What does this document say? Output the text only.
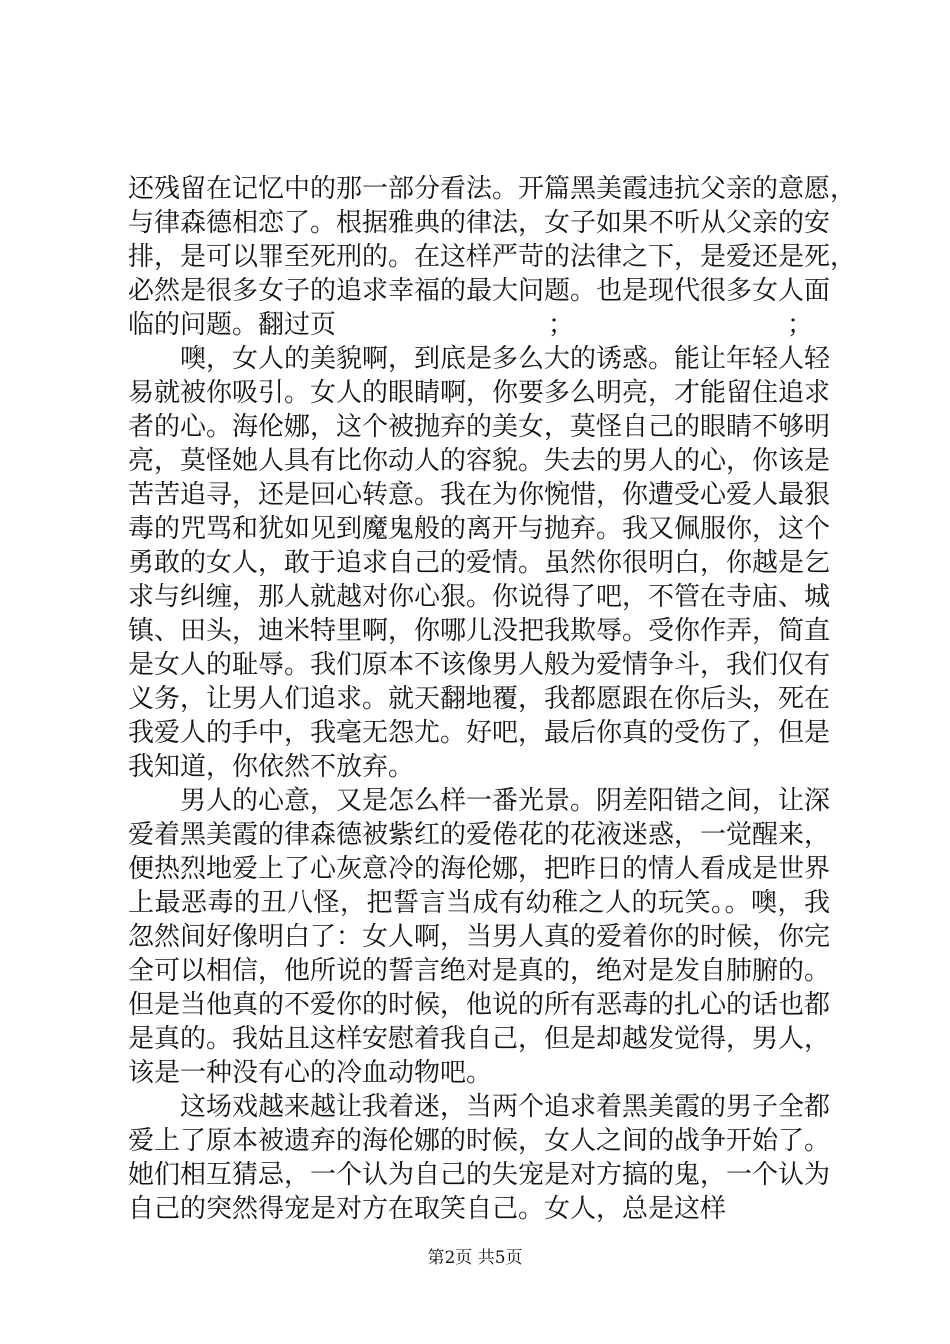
还残留在记忆中的那一部分看法。开篇黑美霞违抗父亲的意愿，
与律森德相恋了。根据雅典的律法，女子如果不听从父亲的安
排，是可以罪至死刑的。在这样严苛的法律之下，是爱还是死，
必然是很多女子的追求幸福的最大问题。也是现代很多女人面
临的问题。翻过页	；	；
噢，女人的美貌啊，到底是多么大的诱惑。能让年轻人轻
易就被你吸引。女人的眼睛啊，你要多么明亮，才能留住追求
者的心。海伦娜，这个被抛弃的美女，莫怪自己的眼睛不够明
亮，莫怪她人具有比你动人的容貌。失去的男人的心，你该是
苦苦追寻，还是回心转意。我在为你惋惜，你遭受心爱人最狠
毒的咒骂和犹如见到魔鬼般的离开与抛弃。我又佩服你，这个
勇敢的女人，敢于追求自己的爱情。虽然你很明白，你越是乞
求与纠缠，那人就越对你心狠。你说得了吧，不管在寺庙、城
镇、田头，迪米特里啊，你哪儿没把我欺辱。受你作弄，简直
是女人的耻辱。我们原本不该像男人般为爱情争斗，我们仅有
义务，让男人们追求。就天翻地覆，我都愿跟在你后头，死在
我爱人的手中，我毫无怨尤。好吧，最后你真的受伤了，但是
我知道，你依然不放弃。
男人的心意，又是怎么样一番光景。阴差阳错之间，让深
爱着黑美霞的律森德被紫红的爱倦花的花液迷惑，一觉醒来，
便热烈地爱上了心灰意冷的海伦娜，把昨日的情人看成是世界
上最恶毒的丑八怪，把誓言当成有幼稚之人的玩笑。。噢，我
忽然间好像明白了：女人啊，当男人真的爱着你的时候，你完
全可以相信，他所说的誓言绝对是真的，绝对是发自肺腑的。
但是当他真的不爱你的时候，他说的所有恶毒的扎心的话也都
是真的。我姑且这样安慰着我自己，但是却越发觉得，男人，
该是一种没有心的冷血动物吧。
这场戏越来越让我着迷，当两个追求着黑美霞的男子全都
爱上了原本被遗弃的海伦娜的时候，女人之间的战争开始了。
她们相互猜忌，一个认为自己的失宠是对方搞的鬼，一个认为
自己的突然得宠是对方在取笑自己。女人，总是这样
第2页 共5页
